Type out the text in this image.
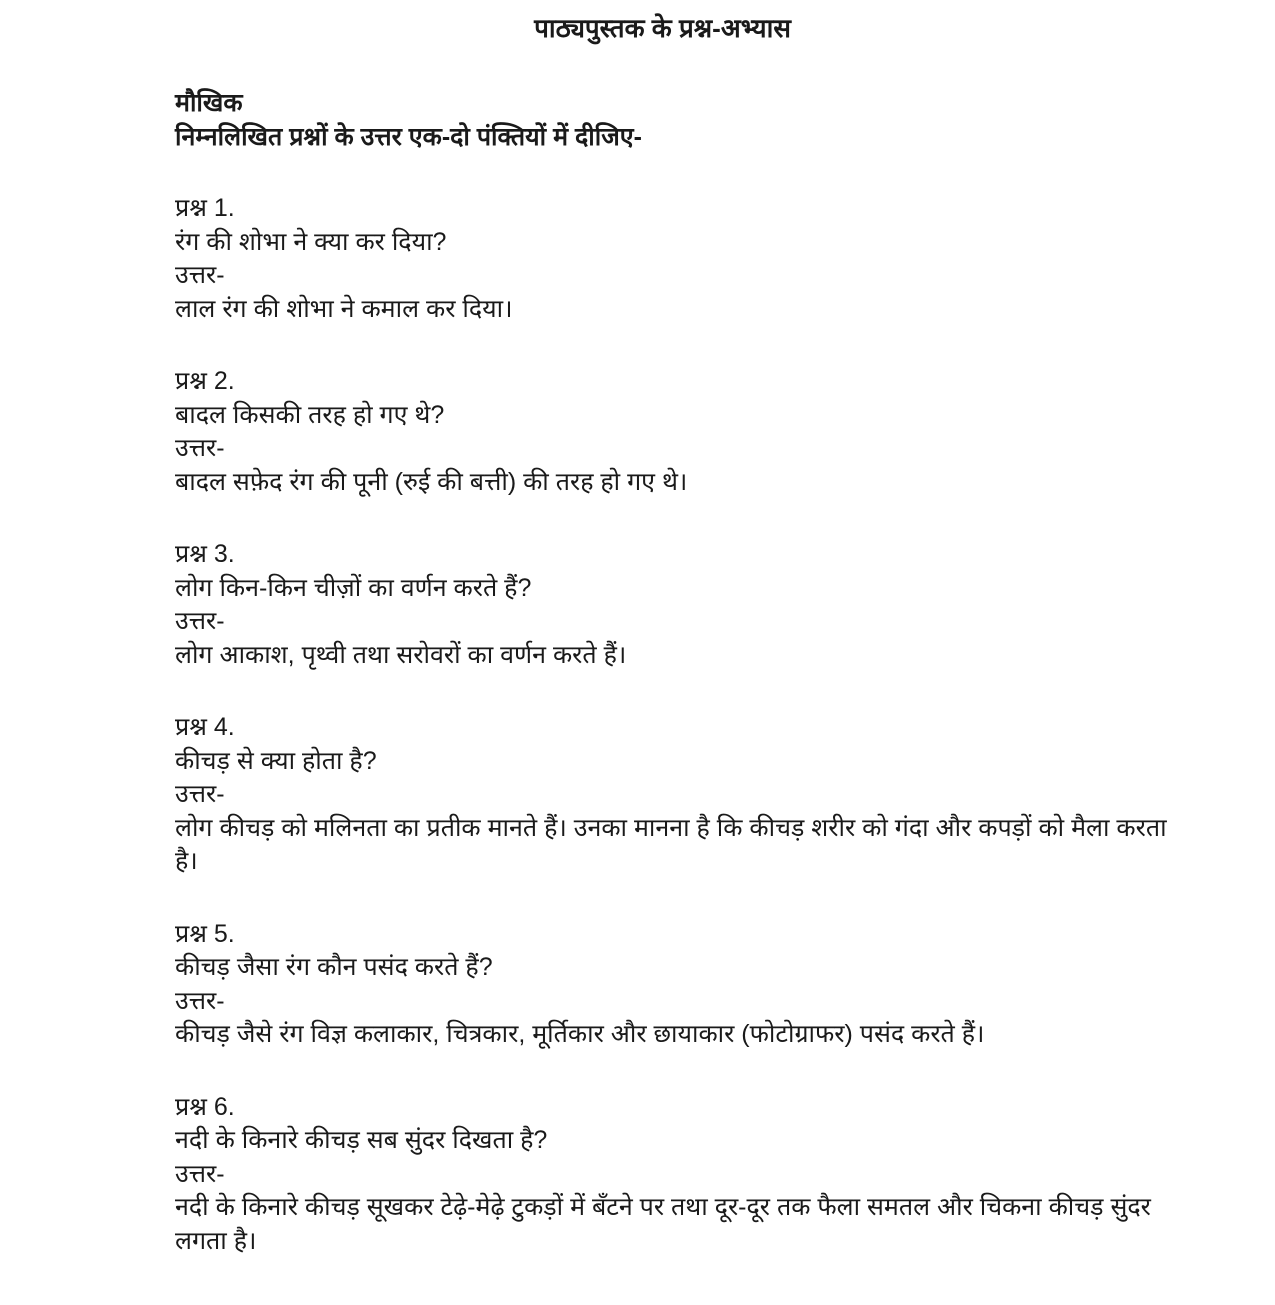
पाठ्यपुस्तक के प्रश्न-अभ्यास

मौखिक

निम्नलिखित प्रश्नों के उत्तर एक-दो पंक्तियों में दीजिए-

प्रश्न 1.

रंग की शोभा ने क्या कर दिया?

उत्तर-

लाल रंग की शोभा ने कमाल कर दिया।

प्रश्न 2.

बादल किसकी तरह हो गए थे?

उत्तर-

बादल सफ़ेद रंग की पूनी (रुई की बत्ती) की तरह हो गए थे।

प्रश्न 3.

लोग किन-किन चीज़ों का वर्णन करते हैं?

उत्तर-

लोग आकाश, पृथ्वी तथा सरोवरों का वर्णन करते हैं।

प्रश्न 4.

कीचड़ से क्या होता है?

उत्तर-

लोग कीचड़ को मलिनता का प्रतीक मानते हैं। उनका मानना है कि कीचड़ शरीर को गंदा और कपड़ों को मैला करता है।

प्रश्न 5.

कीचड़ जैसा रंग कौन पसंद करते हैं?

उत्तर-

कीचड़ जैसे रंग विज्ञ कलाकार, चित्रकार, मूर्तिकार और छायाकार (फोटोग्राफर) पसंद करते हैं।

प्रश्न 6.

नदी के किनारे कीचड़ सब सुंदर दिखता है?

उत्तर-

नदी के किनारे कीचड़ सूखकर टेढ़े-मेढ़े टुकड़ों में बँटने पर तथा दूर-दूर तक फैला समतल और चिकना कीचड़ सुंदर लगता है।
